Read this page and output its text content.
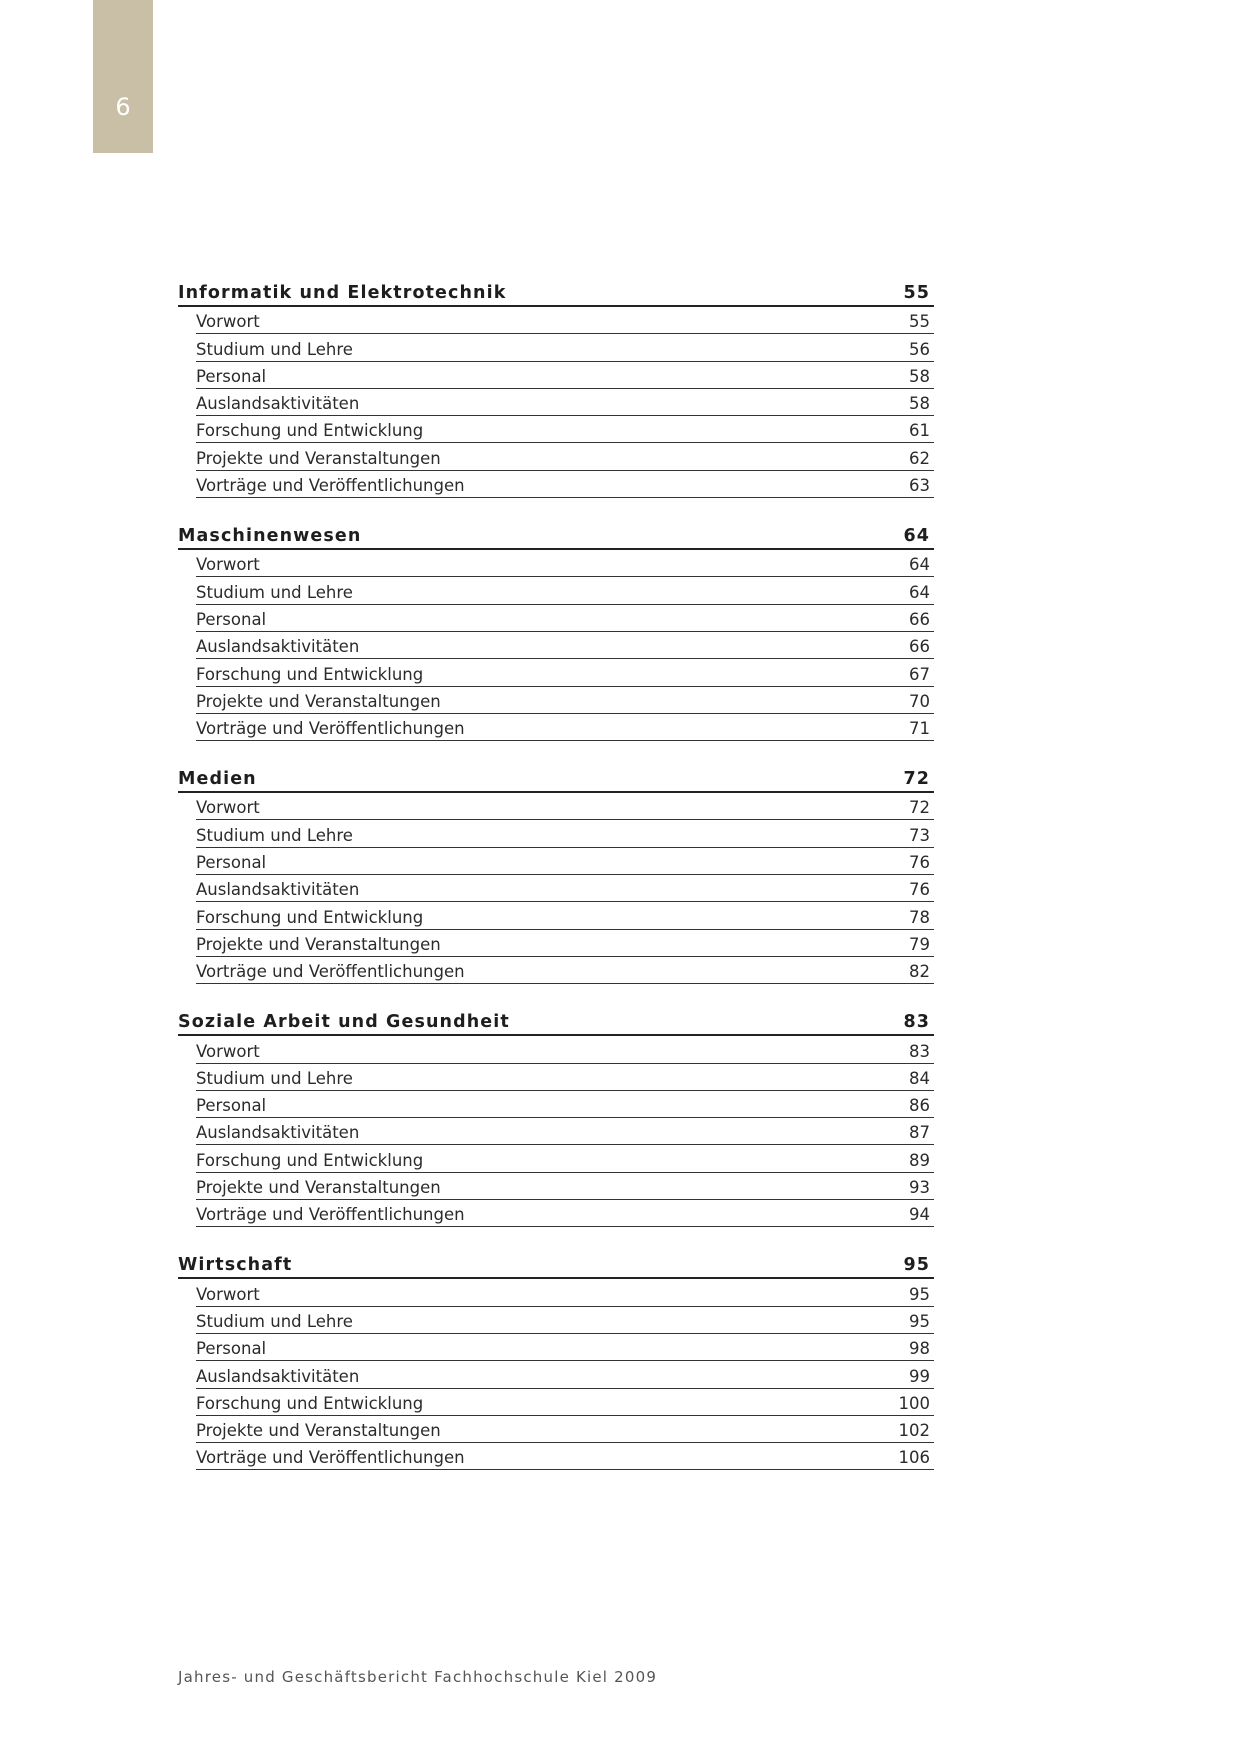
6
Informatik und Elektrotechnik	55
Vorwort	55
Studium und Lehre	56
Personal	58
Auslandsaktivitäten	58
Forschung und Entwicklung	61
Projekte und Veranstaltungen	62
Vorträge und Veröffentlichungen	63
Maschinenwesen	64
Vorwort	64
Studium und Lehre	64
Personal	66
Auslandsaktivitäten	66
Forschung und Entwicklung	67
Projekte und Veranstaltungen	70
Vorträge und Veröffentlichungen	71
Medien	72
Vorwort	72
Studium und Lehre	73
Personal	76
Auslandsaktivitäten	76
Forschung und Entwicklung	78
Projekte und Veranstaltungen	79
Vorträge und Veröffentlichungen	82
Soziale Arbeit und Gesundheit	83
Vorwort	83
Studium und Lehre	84
Personal	86
Auslandsaktivitäten	87
Forschung und Entwicklung	89
Projekte und Veranstaltungen	93
Vorträge und Veröffentlichungen	94
Wirtschaft	95
Vorwort	95
Studium und Lehre	95
Personal	98
Auslandsaktivitäten	99
Forschung und Entwicklung	100
Projekte und Veranstaltungen	102
Vorträge und Veröffentlichungen	106
Jahres- und Geschäftsbericht Fachhochschule Kiel 2009
